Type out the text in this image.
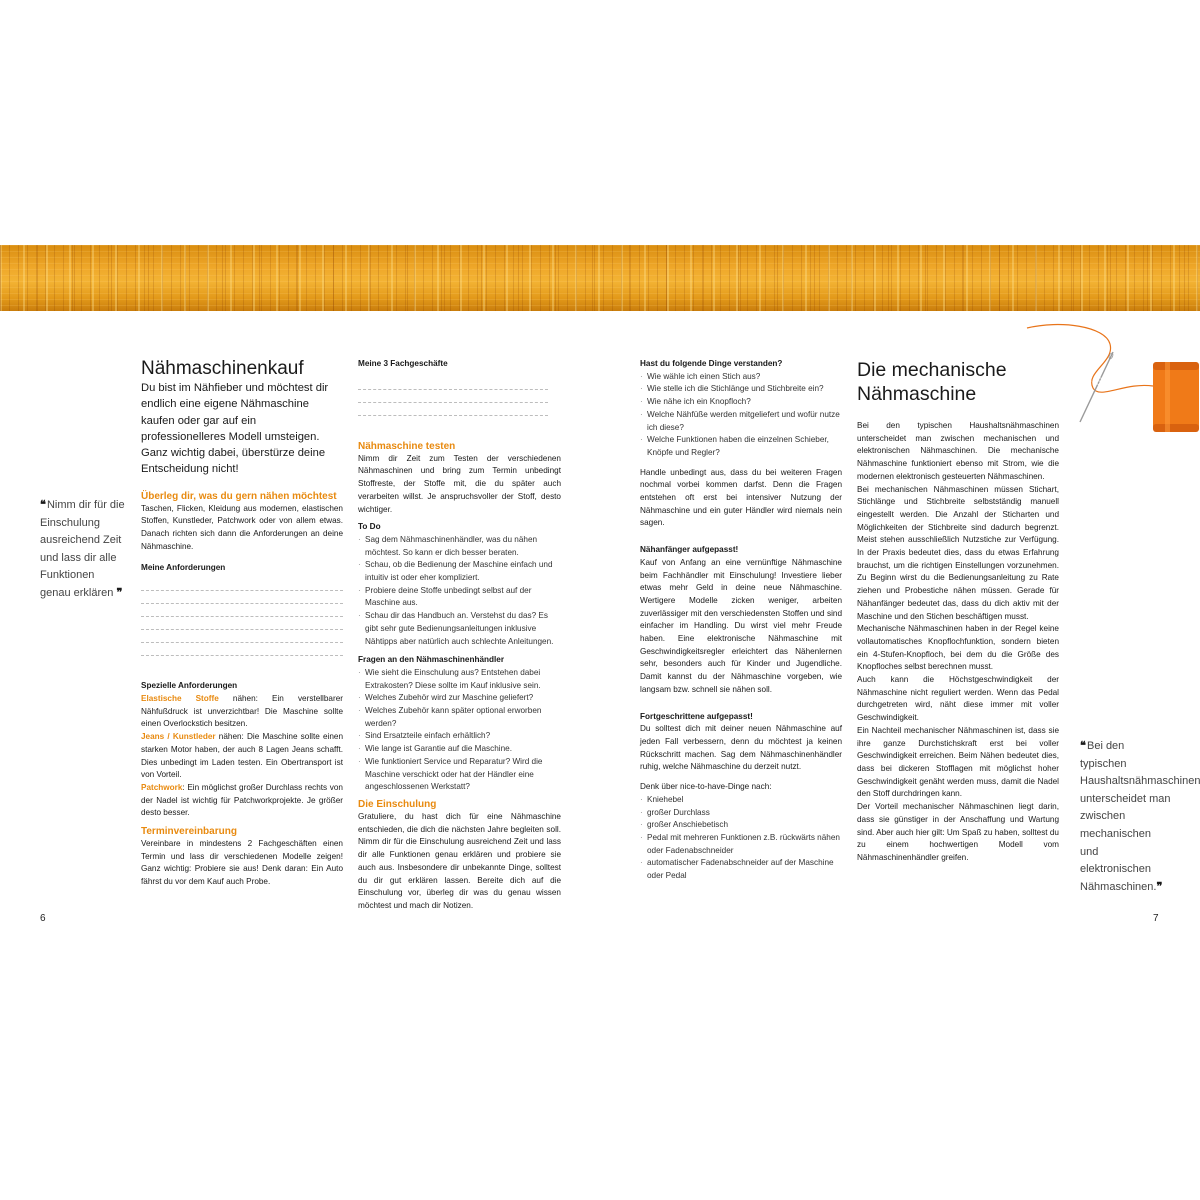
❝ Nimm dir für die Einschulung ausreichend Zeit und lass dir alle Funktionen genau erklären ❞
Nähmaschinenkauf

Du bist im Nähfieber und möchtest dir endlich eine eigene Nähmaschine kaufen oder gar auf ein professionelleres Modell umsteigen. Ganz wichtig dabei, überstürze deine Entscheidung nicht!

Überleg dir, was du gern nähen möchtest

Taschen, Flicken, Kleidung aus modernen, elastischen Stoffen, Kunstleder, Patchwork oder von allem etwas. Danach richten sich dann die Anforderungen an deine Nähmaschine.

Meine Anforderungen
Spezielle Anforderungen

Elastische Stoffe nähen: Ein verstellbarer Nähfußdruck ist unverzichtbar! Die Maschine sollte einen Overlockstich besitzen.

Jeans / Kunstleder nähen: Die Maschine sollte einen starken Motor haben, der auch 8 Lagen Jeans schafft. Dies unbedingt im Laden testen. Ein Obertransport ist von Vorteil.

Patchwork: Ein möglichst großer Durchlass rechts von der Nadel ist wichtig für Patchworkprojekte. Je größer desto besser.

Terminvereinbarung

Vereinbare in mindestens 2 Fachgeschäften einen Termin und lass dir verschiedenen Modelle zeigen! Ganz wichtig: Probiere sie aus! Denk daran: Ein Auto fährst du vor dem Kauf auch Probe.

Meine 3 Fachgeschäfte
Nähmaschine testen

Nimm dir Zeit zum Testen der verschiedenen Nähmaschinen und bring zum Termin unbedingt Stoffreste, der Stoffe mit, die du später auch verarbeiten willst. Je anspruchsvoller der Stoff, desto wichtiger.

To Do
· Sag dem Nähmaschinenhändler, was du nähen möchtest. So kann er dich besser beraten.
· Schau, ob die Bedienung der Maschine einfach und intuitiv ist oder eher kompliziert.
· Probiere deine Stoffe unbedingt selbst auf der Maschine aus.
· Schau dir das Handbuch an. Verstehst du das? Es gibt sehr gute Bedienungsanleitungen inklusive Nähtipps aber natürlich auch schlechte Anleitungen.
Fragen an den Nähmaschinenhändler
· Wie sieht die Einschulung aus? Entstehen dabei Extrakosten? Diese sollte im Kauf inklusive sein.
· Welches Zubehör wird zur Maschine geliefert?
· Welches Zubehör kann später optional erworben werden?
· Sind Ersatzteile einfach erhältlich?
· Wie lange ist Garantie auf die Maschine.
· Wie funktioniert Service und Reparatur? Wird die Maschine verschickt oder hat der Händler eine angeschlossenen Werkstatt?
Die Einschulung

Gratuliere, du hast dich für eine Nähmaschine entschieden, die dich die nächsten Jahre begleiten soll. Nimm dir für die Einschulung ausreichend Zeit und lass dir alle Funktionen genau erklären und probiere sie auch aus. Insbesondere dir unbekannte Dinge, solltest du dir gut erklären lassen. Bereite dich auf die Einschulung vor, überleg dir was du genau wissen möchtest und mach dir Notizen.

6
Hast du folgende Dinge verstanden?
· Wie wähle ich einen Stich aus?
· Wie stelle ich die Stichlänge und Stichbreite ein?
· Wie nähe ich ein Knopfloch?
· Welche Nähfüße werden mitgeliefert und wofür nutze ich diese?
· Welche Funktionen haben die einzelnen Schieber, Knöpfe und Regler?

Handle unbedingt aus, dass du bei weiteren Fragen nochmal vorbei kommen darfst. Denn die Fragen entstehen oft erst bei intensiver Nutzung der Nähmaschine und ein guter Händler wird niemals nein sagen.

Nähanfänger aufgepasst!

Kauf von Anfang an eine vernünftige Nähmaschine beim Fachhändler mit Einschulung! Investiere lieber etwas mehr Geld in deine neue Nähmaschine. Wertigere Modelle zicken weniger, arbeiten zuverlässiger mit den verschiedensten Stoffen und sind einfacher im Handling. Du wirst viel mehr Freude haben. Eine elektronische Nähmaschine mit Geschwindigkeitsregler erleichtert das Nähenlernen sehr, besonders auch für Kinder und Jugendliche. Damit kannst du der Nähmaschine vorgeben, wie langsam bzw. schnell sie nähen soll.

Fortgeschrittene aufgepasst!

Du solltest dich mit deiner neuen Nähmaschine auf jeden Fall verbessern, denn du möchtest ja keinen Rückschritt machen. Sag dem Nähmaschinenhändler ruhig, welche Nähmaschine du derzeit nutzt.

Denk über nice-to-have-Dinge nach:

· Kniehebel
· großer Durchlass
· großer Anschiebetisch
· Pedal mit mehreren Funktionen z.B. rückwärts nähen oder Fadenabschneider
· automatischer Fadenabschneider auf der Maschine oder Pedal
Die mechanische
Nähmaschine

Bei den typischen Haushaltsnähmaschinen unterscheidet man zwischen mechanischen und elektronischen Nähmaschinen. Die mechanische Nähmaschine funktioniert ebenso mit Strom, wie die modernen elektronisch gesteuerten Nähmaschinen.

Bei mechanischen Nähmaschinen müssen Stichart, Stichlänge und Stichbreite selbstständig manuell eingestellt werden. Die Anzahl der Sticharten und Möglichkeiten der Stichbreite sind dadurch begrenzt. Meist stehen ausschließlich Nutzstiche zur Verfügung. In der Praxis bedeutet dies, dass du etwas Erfahrung brauchst, um die richtigen Einstellungen vorzunehmen. Zu Beginn wirst du die Bedienungsanleitung zu Rate ziehen und Probestiche nähen müssen. Gerade für Nähanfänger bedeutet das, dass du dich aktiv mit der Maschine und den Stichen beschäftigen musst.

Mechanische Nähmaschinen haben in der Regel keine vollautomatisches Knopflochfunktion, sondern bieten ein 4-Stufen-Knopfloch, bei dem du die Größe des Knopfloches selbst berechnen musst.

Auch kann die Höchstgeschwindigkeit der Nähmaschine nicht reguliert werden. Wenn das Pedal durchgetreten wird, näht diese immer mit voller Geschwindigkeit.

Ein Nachteil mechanischer Nähmaschinen ist, dass sie ihre ganze Durchstichskraft erst bei voller Geschwindigkeit erreichen. Beim Nähen bedeutet dies, dass bei dickeren Stofflagen mit möglichst hoher Geschwindigkeit genäht werden muss, damit die Nadel den Stoff durchdringen kann.

Der Vorteil mechanischer Nähmaschinen liegt darin, dass sie günstiger in der Anschaffung und Wartung sind. Aber auch hier gilt: Um Spaß zu haben, solltest du zu einem hochwertigen Modell vom Nähmaschinenhändler greifen.

Adobe Stock
❝ Bei den typischen Haushaltsnähmaschinen unterscheidet man zwischen mechanischen und elektronischen Nähmaschinen.❞
7
